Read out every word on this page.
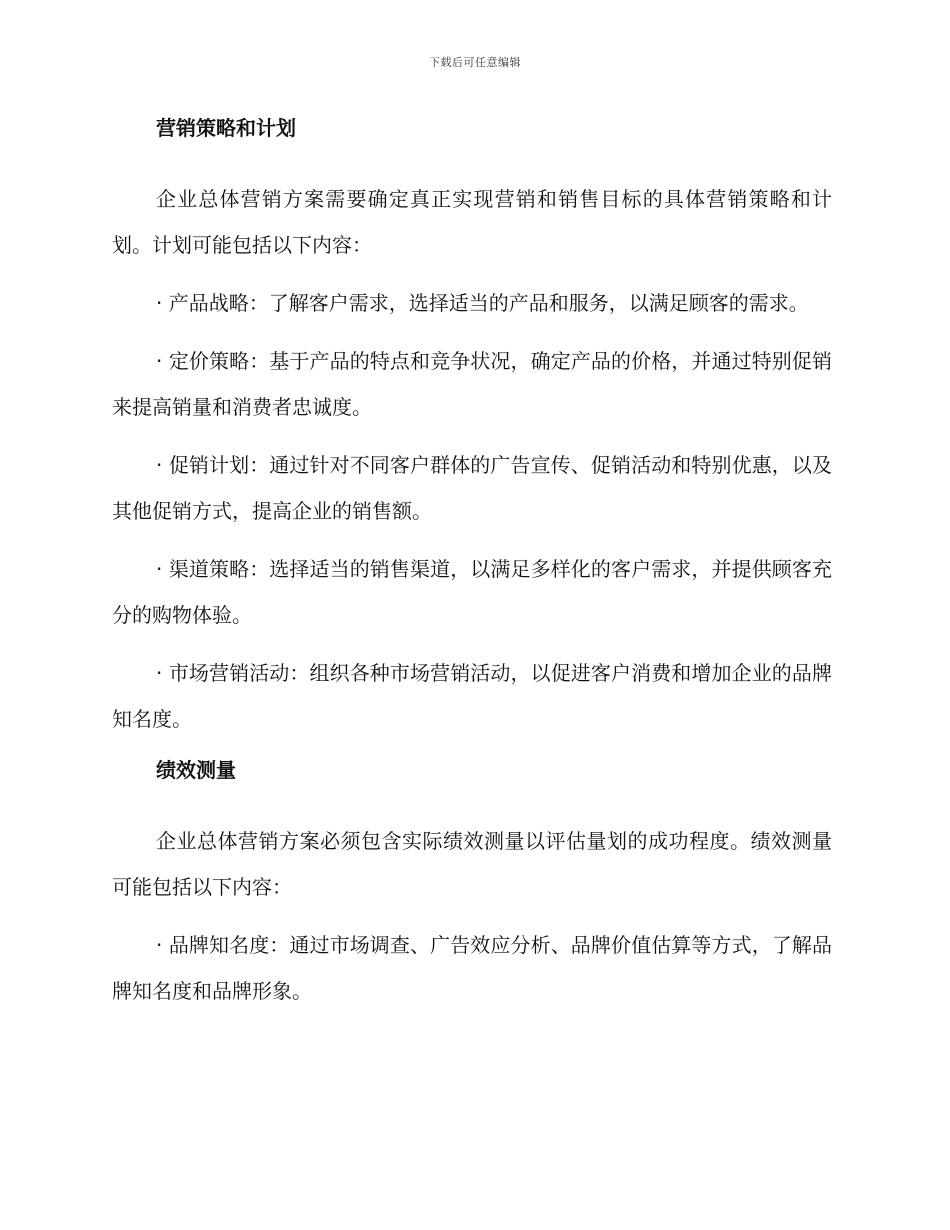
下载后可任意编辑
营销策略和计划

企业总体营销方案需要确定真正实现营销和销售目标的具体营销策略和计划。计划可能包括以下内容：

· 产品战略：了解客户需求，选择适当的产品和服务，以满足顾客的需求。

· 定价策略：基于产品的特点和竞争状况，确定产品的价格，并通过特别促销来提高销量和消费者忠诚度。

· 促销计划：通过针对不同客户群体的广告宣传、促销活动和特别优惠，以及其他促销方式，提高企业的销售额。

· 渠道策略：选择适当的销售渠道，以满足多样化的客户需求，并提供顾客充分的购物体验。

· 市场营销活动：组织各种市场营销活动，以促进客户消费和增加企业的品牌知名度。

绩效测量

企业总体营销方案必须包含实际绩效测量以评估量划的成功程度。绩效测量可能包括以下内容：

· 品牌知名度：通过市场调查、广告效应分析、品牌价值估算等方式，了解品牌知名度和品牌形象。
